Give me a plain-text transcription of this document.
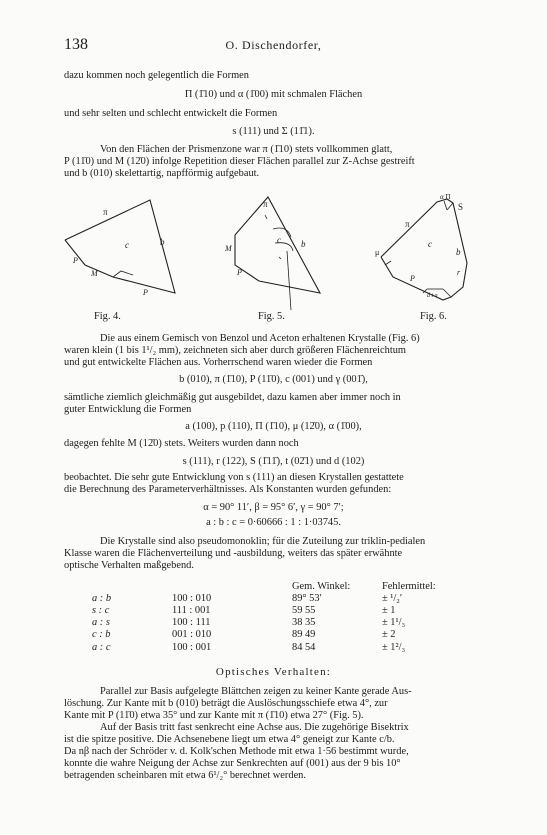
138	O. Dischendorfer,
dazu kommen noch gelegentlich die Formen
Π (1̄10) und α (1̄00) mit schmalen Flächen
und sehr selten und schlecht entwickelt die Formen
s (111) und Σ (11̄1).
Von den Flächen der Prismenzone war π (1̄10) stets vollkommen glatt,
P (11̄0) und M (12̄0) infolge Repetition dieser Flächen parallel zur Z-Achse gestreift
und b (010) skelettartig, napfförmig aufgebaut.
π
c	b
P
M
P
π
c b
M
P
π
α Π
S
μ
c
b
r
P
d t a
Fig. 4.	Fig. 5.	Fig. 6.
Die aus einem Gemisch von Benzol und Aceton erhaltenen Krystalle (Fig. 6)
waren klein (1 bis 1¹/₂ mm), zeichneten sich aber durch größeren Flächenreichtum
und gut entwickelte Flächen aus. Vorherrschend waren wieder die Formen
b (010), π (1̄10), P (11̄0), c (001) und γ (001̄),
sämtliche ziemlich gleichmäßig gut ausgebildet, dazu kamen aber immer noch in
guter Entwicklung die Formen
a (100), p (110), Π (1̄10), μ (12̄0), α (1̄00),
dagegen fehlte M (12̄0) stets. Weiters wurden dann noch
s (111), r (122), S (1̄11̄), t (02̄1) und d (102)
beobachtet. Die sehr gute Entwicklung von s (111) an diesen Krystallen gestattete
die Berechnung des Parameterverhältnisses. Als Konstanten wurden gefunden:
α = 90° 11′, β = 95° 6′, γ = 90° 7′;
a : b : c = 0·60666 : 1 : 1·03745.
Die Krystalle sind also pseudomonoklin; für die Zuteilung zur triklin-pedialen
Klasse waren die Flächenverteilung und -ausbildung, weiters das später erwähnte
optische Verhalten maßgebend.
		Gem. Winkel:	Fehlermittel:
a : b	100 : 010	89° 53′	± ¹/₂′
s : c	111 : 001	59 55	± 1
a : s	100 : 111	38 35	± 1¹/₃
c : b	001 : 010	89 49	± 2
a : c	100 : 001	84 54	± 1²/₃
Optisches Verhalten:
Parallel zur Basis aufgelegte Blättchen zeigen zu keiner Kante gerade Aus-
löschung. Zur Kante mit b (010) beträgt die Auslöschungsschiefe etwa 4°, zur
Kante mit P (11̄0) etwa 35° und zur Kante mit π (1̄10) etwa 27° (Fig. 5).
Auf der Basis tritt fast senkrecht eine Achse aus. Die zugehörige Bisektrix
ist die spitze positive. Die Achsenebene liegt um etwa 4° geneigt zur Kante c/b.
Da nβ nach der Schröder v. d. Kolk'schen Methode mit etwa 1·56 bestimmt wurde,
konnte die wahre Neigung der Achse zur Senkrechten auf (001) aus der 9 bis 10°
betragenden scheinbaren mit etwa 6¹/₂° berechnet werden.
